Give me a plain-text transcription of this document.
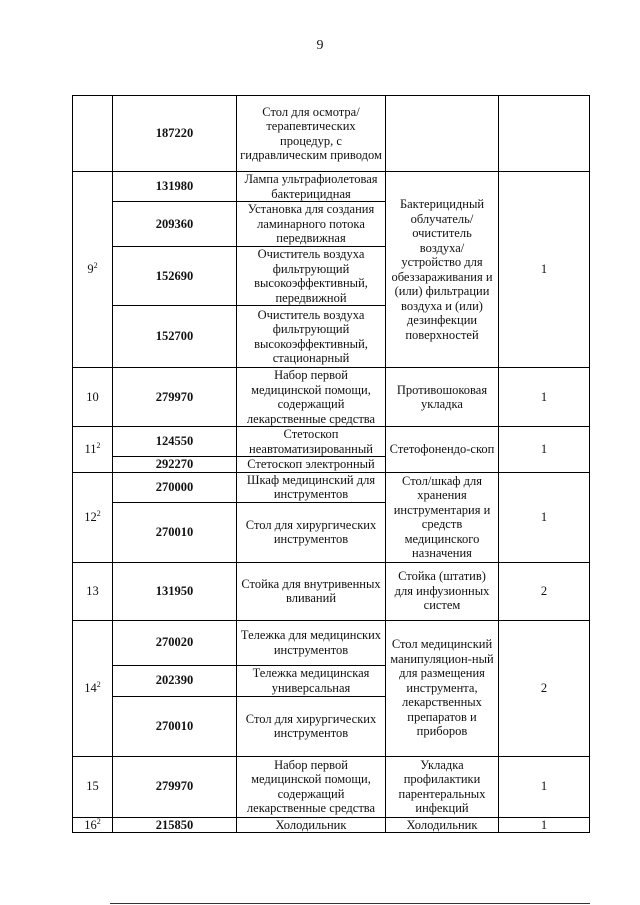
9
	187220	Стол для осмотра/терапевтических процедур, с гидравлическим приводом		
$9^2$	131980	Лампа ультрафиолетовая бактерицидная	Бактерицидный облучатель/ очиститель воздуха/ устройство для обеззараживания и (или) фильтрации воздуха и (или) дезинфекции поверхностей	1
	209360	Установка для создания ламинарного потока передвижная		
	152690	Очиститель воздуха фильтрующий высокоэффективный, передвижной		
	152700	Очиститель воздуха фильтрующий высокоэффективный, стационарный		
10	279970	Набор первой медицинской помощи, содержащий лекарственные средства	Противошоковая укладка	1
$11^2$	124550	Стетоскоп неавтоматизированный	Стетофонендо-скоп	1
	292270	Стетоскоп электронный		
$12^2$	270000	Шкаф медицинский для инструментов	Стол/шкаф для хранения инструментария и средств медицинского назначения	1
	270010	Стол для хирургических инструментов		
13	131950	Стойка для внутривенных вливаний	Стойка (штатив) для инфузионных систем	2
$14^2$	270020	Тележка для медицинских инструментов	Стол медицинский манипуляцион-ный для размещения инструмента, лекарственных препаратов и приборов	2
	202390	Тележка медицинская универсальная		
	270010	Стол для хирургических инструментов		
15	279970	Набор первой медицинской помощи, содержащий лекарственные средства	Укладка профилактики парентеральных инфекций	1
$16^2$	215850	Холодильник	Холодильник	1
